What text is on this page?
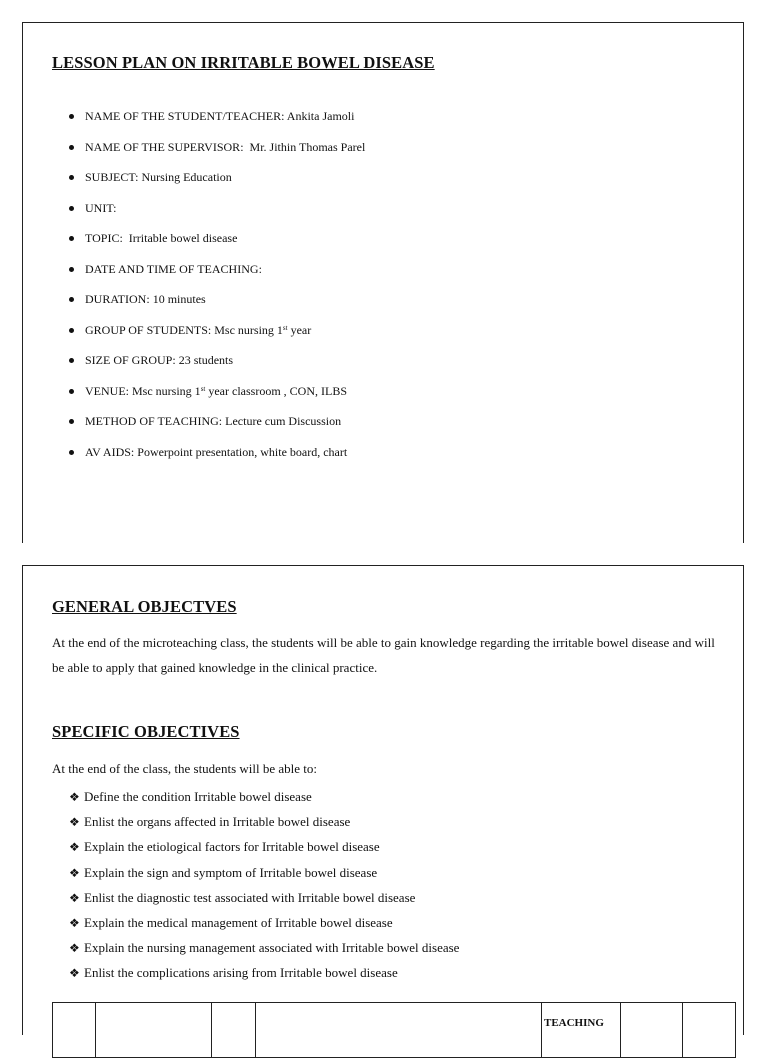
LESSON PLAN ON IRRITABLE BOWEL DISEASE
NAME OF THE STUDENT/TEACHER: Ankita Jamoli
NAME OF THE SUPERVISOR:  Mr. Jithin Thomas Parel
SUBJECT: Nursing Education
UNIT:
TOPIC:  Irritable bowel disease
DATE AND TIME OF TEACHING:
DURATION: 10 minutes
GROUP OF STUDENTS: Msc nursing 1st year
SIZE OF GROUP: 23 students
VENUE: Msc nursing 1st year classroom , CON, ILBS
METHOD OF TEACHING: Lecture cum Discussion
AV AIDS: Powerpoint presentation, white board, chart
GENERAL OBJECTVES
At the end of the microteaching class, the students will be able to gain knowledge regarding the irritable bowel disease and will be able to apply that gained knowledge in the clinical practice.
SPECIFIC OBJECTIVES
At the end of the class, the students will be able to:
❖ Define the condition Irritable bowel disease
❖ Enlist the organs affected in Irritable bowel disease
❖ Explain the etiological factors for Irritable bowel disease
❖ Explain the sign and symptom of Irritable bowel disease
❖ Enlist the diagnostic test associated with Irritable bowel disease
❖ Explain the medical management of Irritable bowel disease
❖ Explain the nursing management associated with Irritable bowel disease
❖ Enlist the complications arising from Irritable bowel disease
				TEACHING		
